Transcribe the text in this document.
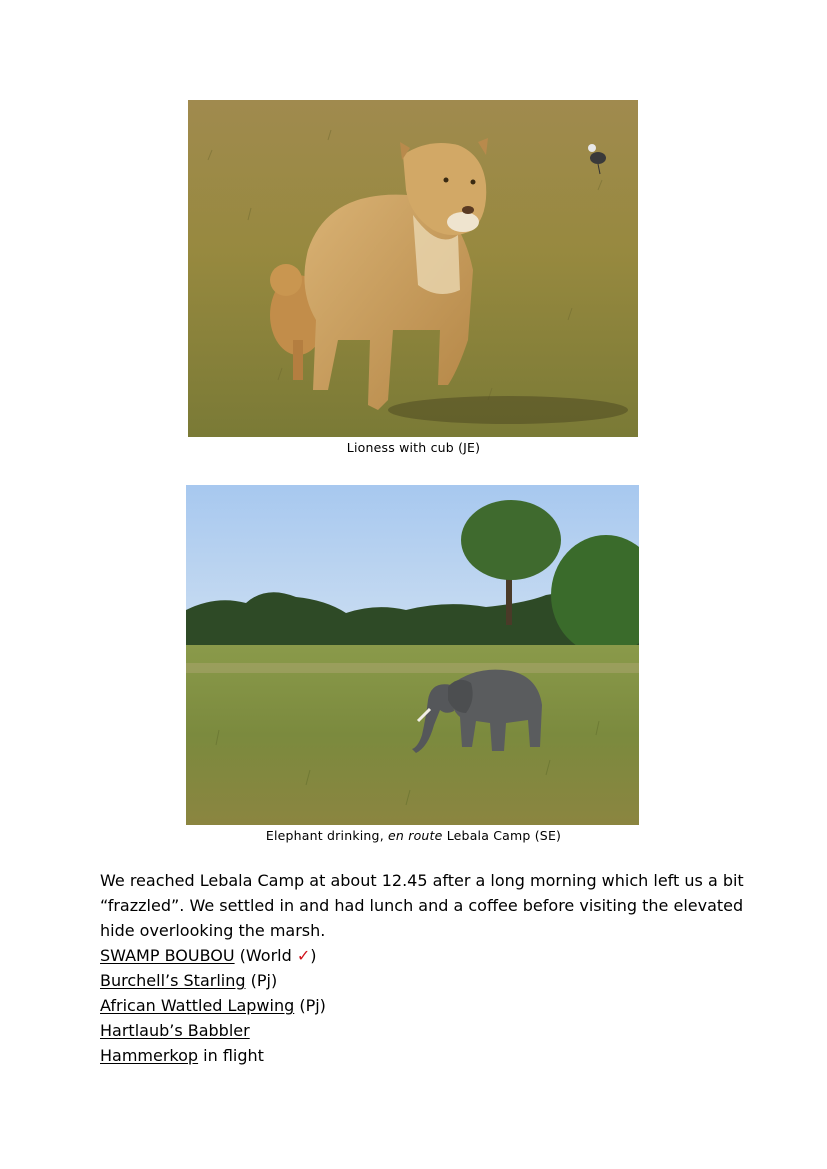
Lioness with cub (JE)
Elephant drinking, en route Lebala Camp (SE)
We reached Lebala Camp at about 12.45 after a long morning which left us a bit
“frazzled”. We settled in and had lunch and a coffee before visiting the elevated
hide overlooking the marsh.
SWAMP BOUBOU (World ✓)
Burchell’s Starling (Pj)
African Wattled Lapwing (Pj)
Hartlaub’s Babbler
Hammerkop in flight
